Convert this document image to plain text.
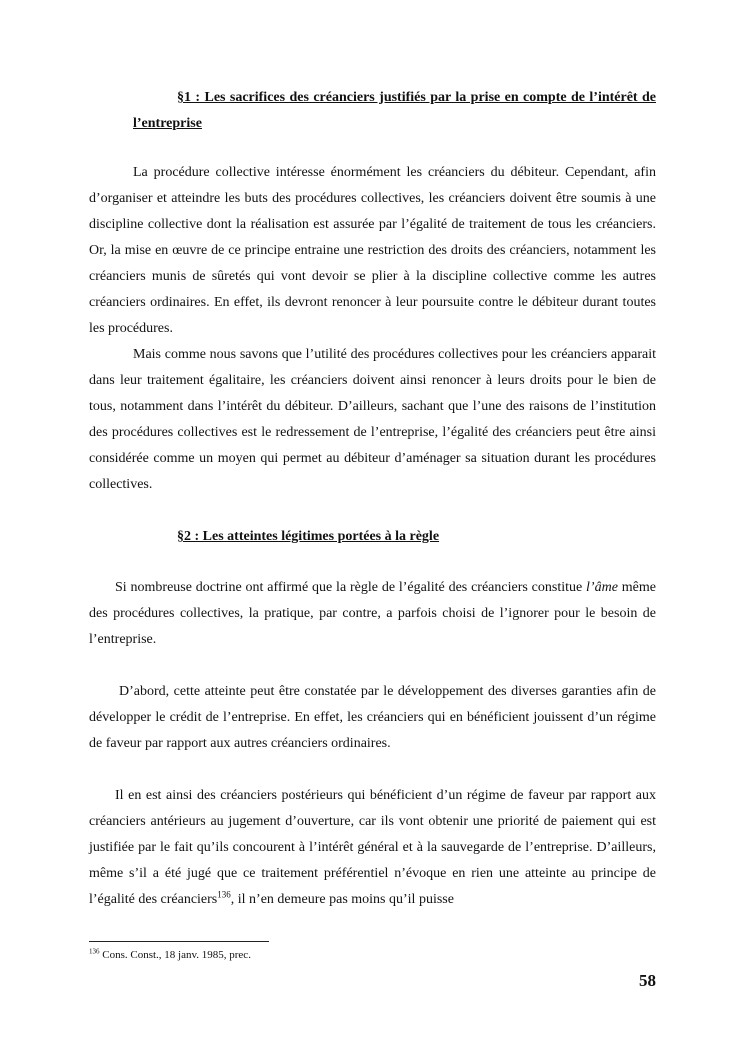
§1 : Les sacrifices des créanciers justifiés par la prise en compte de l’intérêt de l’entreprise

La procédure collective intéresse énormément les créanciers du débiteur. Cependant, afin d’organiser et atteindre les buts des procédures collectives, les créanciers doivent être soumis à une discipline collective dont la réalisation est assurée par l’égalité de traitement de tous les créanciers. Or, la mise en œuvre de ce principe entraine une restriction des droits des créanciers, notamment les créanciers munis de sûretés qui vont devoir se plier à la discipline collective comme les autres créanciers ordinaires. En effet, ils devront renoncer à leur poursuite contre le débiteur durant toutes les procédures.

Mais comme nous savons que l’utilité des procédures collectives pour les créanciers apparait dans leur traitement égalitaire, les créanciers doivent ainsi renoncer à leurs droits pour le bien de tous, notamment dans l’intérêt du débiteur. D’ailleurs, sachant que l’une des raisons de l’institution des procédures collectives est le redressement de l’entreprise, l’égalité des créanciers peut être ainsi considérée comme un moyen qui permet au débiteur d’aménager sa situation durant les procédures collectives.

§2 : Les atteintes légitimes portées à la règle

Si nombreuse doctrine ont affirmé que la règle de l’égalité des créanciers constitue l’âme même des procédures collectives, la pratique, par contre, a parfois choisi de l’ignorer pour le besoin de l’entreprise.

D’abord, cette atteinte peut être constatée par le développement des diverses garanties afin de développer le crédit de l’entreprise. En effet, les créanciers qui en bénéficient jouissent d’un régime de faveur par rapport aux autres créanciers ordinaires.

Il en est ainsi des créanciers postérieurs qui bénéficient d’un régime de faveur par rapport aux créanciers antérieurs au jugement d’ouverture, car ils vont obtenir une priorité de paiement qui est justifiée par le fait qu’ils concourent à l’intérêt général et à la sauvegarde de l’entreprise. D’ailleurs, même s’il a été jugé que ce traitement préférentiel n’évoque en rien une atteinte au principe de l’égalité des créanciers$^{136}$, il n’en demeure pas moins qu’il puisse

$^{136}$ Cons. Const., 18 janv. 1985, prec.

58
